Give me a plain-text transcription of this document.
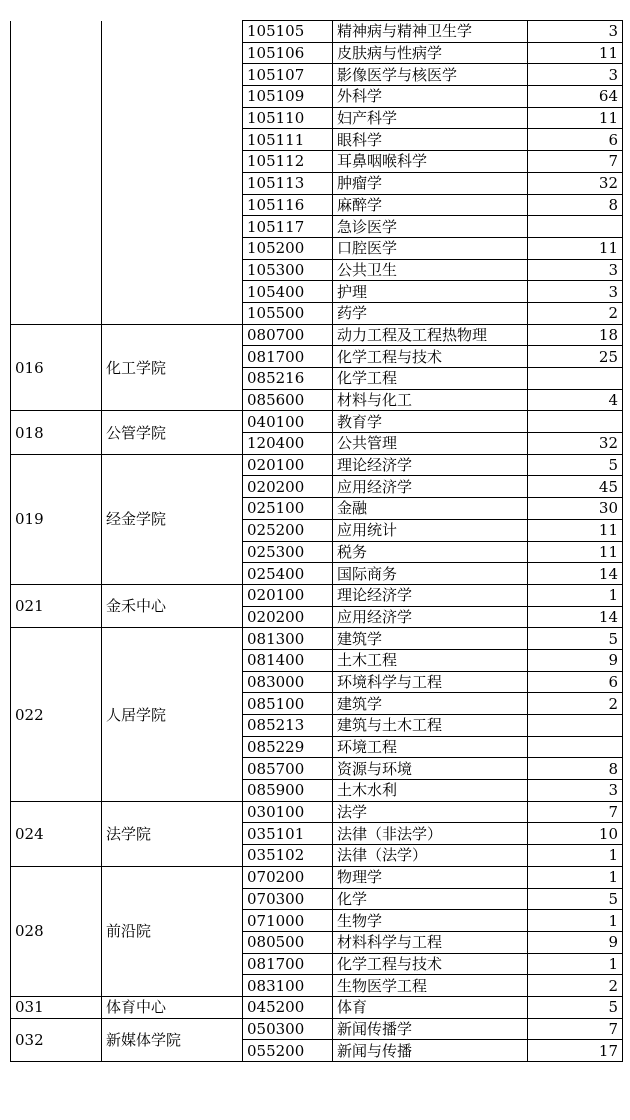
		105105	精神病与精神卫生学	3
		105106	皮肤病与性病学	11
		105107	影像医学与核医学	3
		105109	外科学	64
		105110	妇产科学	11
		105111	眼科学	6
		105112	耳鼻咽喉科学	7
		105113	肿瘤学	32
		105116	麻醉学	8
		105117	急诊医学	
		105200	口腔医学	11
		105300	公共卫生	3
		105400	护理	3
		105500	药学	2
016	化工学院	080700	动力工程及工程热物理	18
		081700	化学工程与技术	25
		085216	化学工程	
		085600	材料与化工	4
018	公管学院	040100	教育学	
		120400	公共管理	32
019	经金学院	020100	理论经济学	5
		020200	应用经济学	45
		025100	金融	30
		025200	应用统计	11
		025300	税务	11
		025400	国际商务	14
021	金禾中心	020100	理论经济学	1
		020200	应用经济学	14
022	人居学院	081300	建筑学	5
		081400	土木工程	9
		083000	环境科学与工程	6
		085100	建筑学	2
		085213	建筑与土木工程	
		085229	环境工程	
		085700	资源与环境	8
		085900	土木水利	3
024	法学院	030100	法学	7
		035101	法律（非法学）	10
		035102	法律（法学）	1
028	前沿院	070200	物理学	1
		070300	化学	5
		071000	生物学	1
		080500	材料科学与工程	9
		081700	化学工程与技术	1
		083100	生物医学工程	2
031	体育中心	045200	体育	5
032	新媒体学院	050300	新闻传播学	7
		055200	新闻与传播	17
